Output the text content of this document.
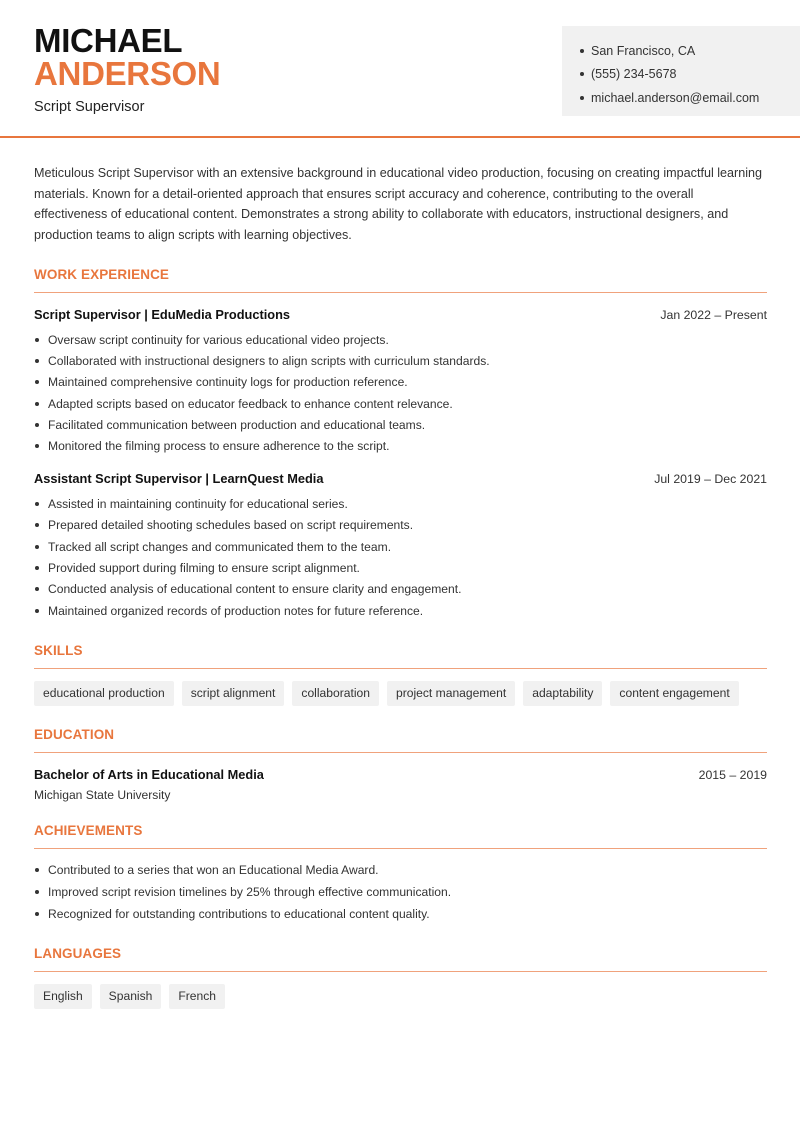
MICHAEL
ANDERSON
Script Supervisor
San Francisco, CA
(555) 234-5678
michael.anderson@email.com

Meticulous Script Supervisor with an extensive background in educational video production, focusing on creating impactful learning materials. Known for a detail-oriented approach that ensures script accuracy and coherence, contributing to the overall effectiveness of educational content. Demonstrates a strong ability to collaborate with educators, instructional designers, and production teams to align scripts with learning objectives.

WORK EXPERIENCE
Script Supervisor | EduMedia Productions	Jan 2022 – Present
Oversaw script continuity for various educational video projects.
Collaborated with instructional designers to align scripts with curriculum standards.
Maintained comprehensive continuity logs for production reference.
Adapted scripts based on educator feedback to enhance content relevance.
Facilitated communication between production and educational teams.
Monitored the filming process to ensure adherence to the script.
Assistant Script Supervisor | LearnQuest Media	Jul 2019 – Dec 2021
Assisted in maintaining continuity for educational series.
Prepared detailed shooting schedules based on script requirements.
Tracked all script changes and communicated them to the team.
Provided support during filming to ensure script alignment.
Conducted analysis of educational content to ensure clarity and engagement.
Maintained organized records of production notes for future reference.
SKILLS
educational production	script alignment	collaboration	project management	adaptability	content engagement
EDUCATION
Bachelor of Arts in Educational Media	2015 – 2019
Michigan State University
ACHIEVEMENTS
Contributed to a series that won an Educational Media Award.
Improved script revision timelines by 25% through effective communication.
Recognized for outstanding contributions to educational content quality.
LANGUAGES
English	Spanish	French
